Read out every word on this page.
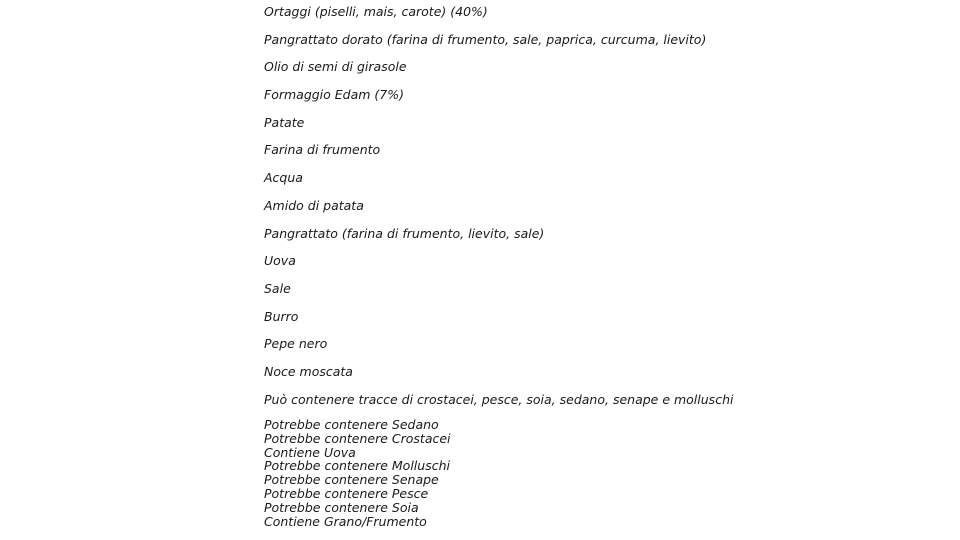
Ortaggi (piselli, mais, carote) (40%)
Pangrattato dorato (farina di frumento, sale, paprica, curcuma, lievito)
Olio di semi di girasole
Formaggio Edam (7%)
Patate
Farina di frumento
Acqua
Amido di patata
Pangrattato (farina di frumento, lievito, sale)
Uova
Sale
Burro
Pepe nero
Noce moscata
Può contenere tracce di crostacei, pesce, soia, sedano, senape e molluschi
Potrebbe contenere Sedano
Potrebbe contenere Crostacei
Contiene Uova
Potrebbe contenere Molluschi
Potrebbe contenere Senape
Potrebbe contenere Pesce
Potrebbe contenere Soia
Contiene Grano/Frumento
